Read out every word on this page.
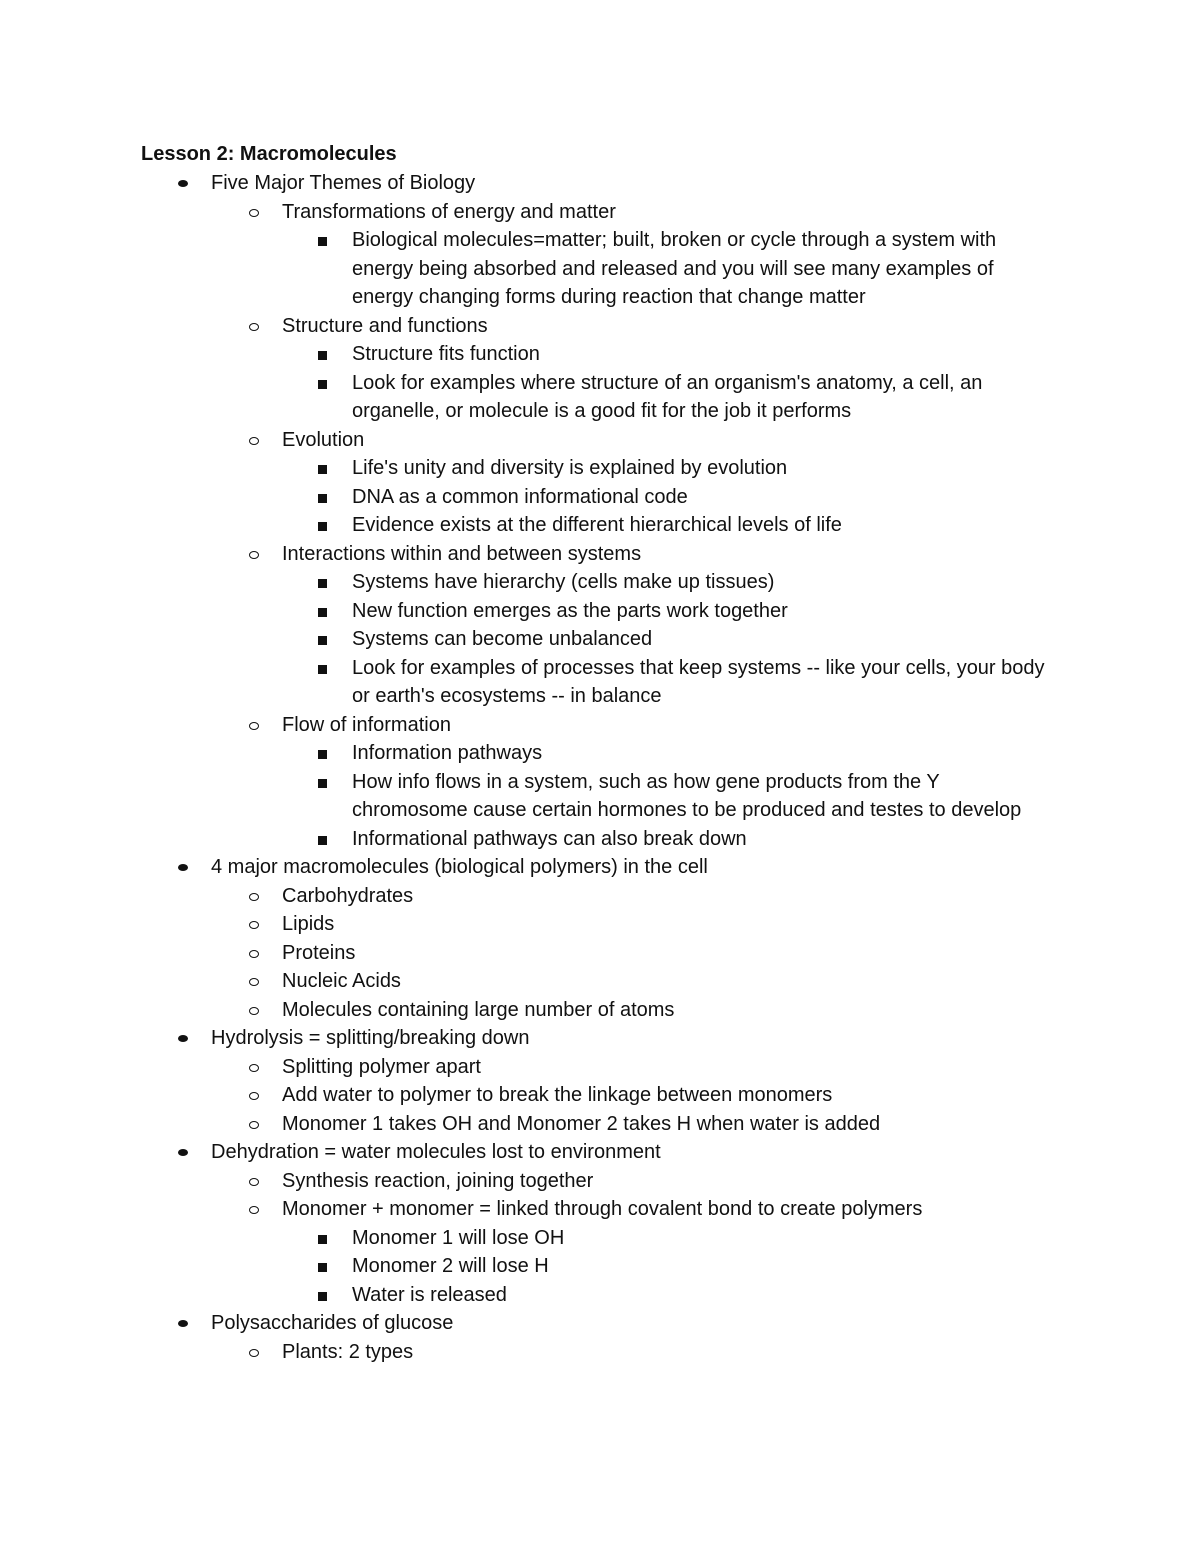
Lesson 2: Macromolecules
Five Major Themes of Biology
Transformations of energy and matter
Biological molecules=matter; built, broken or cycle through a system with energy being absorbed and released and you will see many examples of energy changing forms during reaction that change matter
Structure and functions
Structure fits function
Look for examples where structure of an organism's anatomy, a cell, an organelle, or molecule is a good fit for the job it performs
Evolution
Life's unity and diversity is explained by evolution
DNA as a common informational code
Evidence exists at the different hierarchical levels of life
Interactions within and between systems
Systems have hierarchy (cells make up tissues)
New function emerges as the parts work together
Systems can become unbalanced
Look for examples of processes that keep systems -- like your cells, your body or earth's ecosystems -- in balance
Flow of information
Information pathways
How info flows in a system, such as how gene products from the Y chromosome cause certain hormones to be produced and testes to develop
Informational pathways can also break down
4 major macromolecules (biological polymers) in the cell
Carbohydrates
Lipids
Proteins
Nucleic Acids
Molecules containing large number of atoms
Hydrolysis = splitting/breaking down
Splitting polymer apart
Add water to polymer to break the linkage between monomers
Monomer 1 takes OH and Monomer 2 takes H when water is added
Dehydration = water molecules lost to environment
Synthesis reaction, joining together
Monomer + monomer = linked through covalent bond to create polymers
Monomer 1 will lose OH
Monomer 2 will lose H
Water is released
Polysaccharides of glucose
Plants: 2 types
